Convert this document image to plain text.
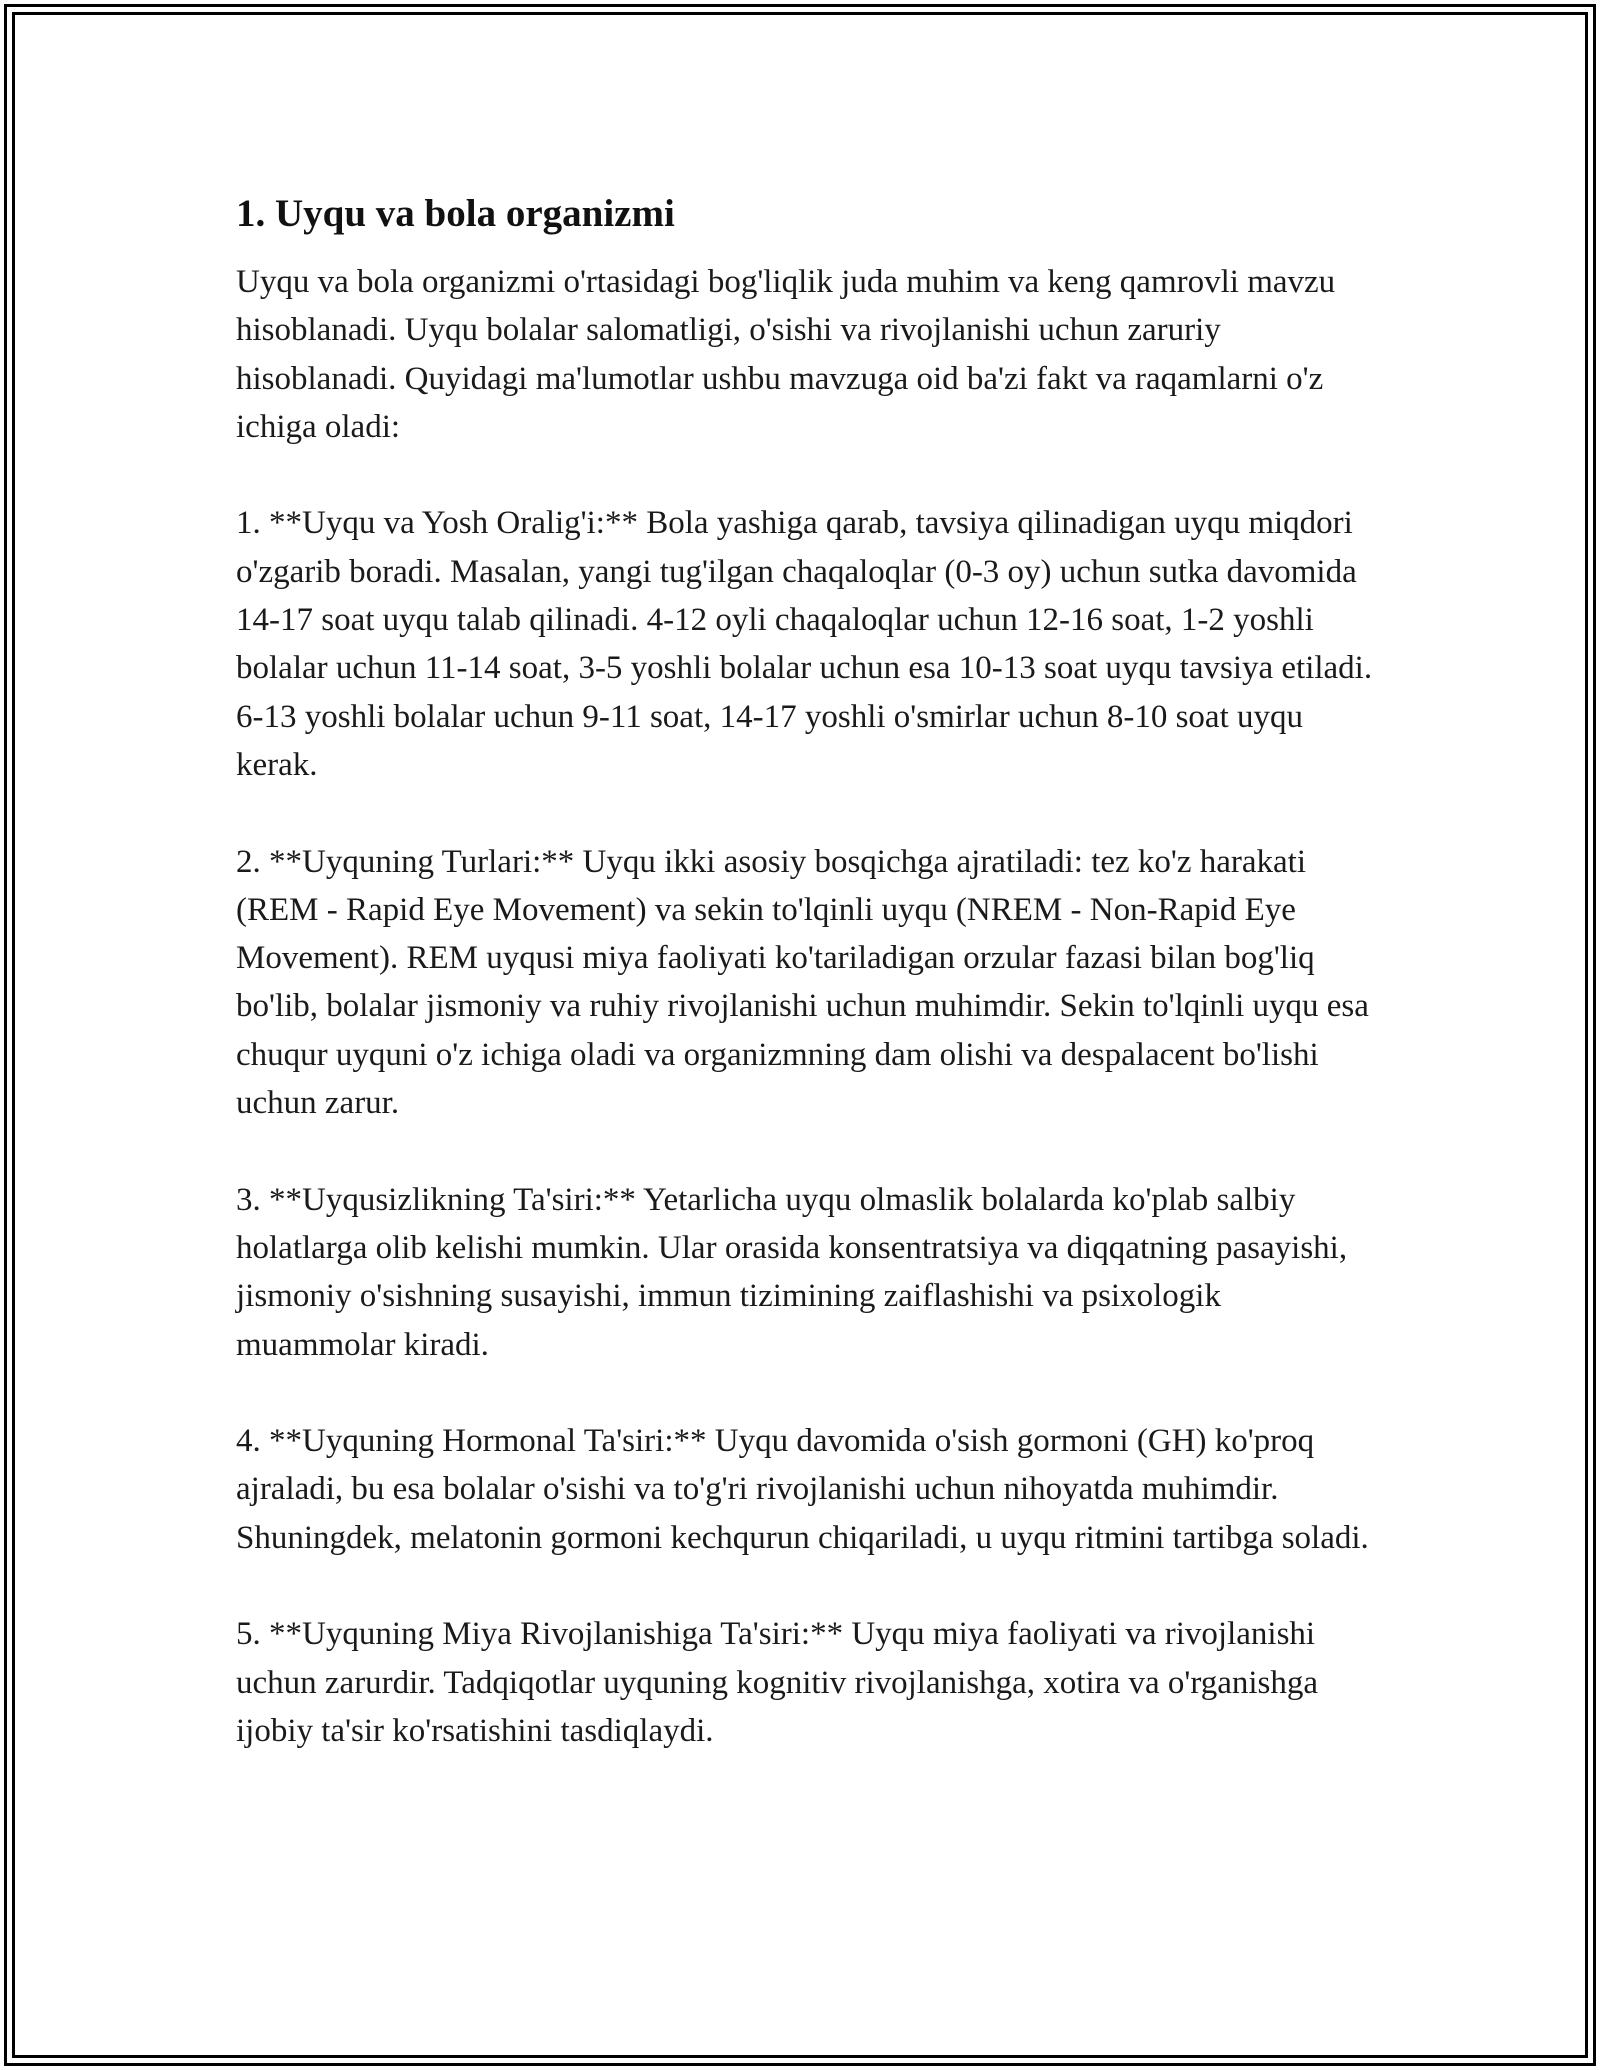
1. Uyqu va bola organizmi

Uyqu va bola organizmi o'rtasidagi bog'liqlik juda muhim va keng qamrovli mavzu hisoblanadi. Uyqu bolalar salomatligi, o'sishi va rivojlanishi uchun zaruriy hisoblanadi. Quyidagi ma'lumotlar ushbu mavzuga oid ba'zi fakt va raqamlarni o'z ichiga oladi:

1. **Uyqu va Yosh Oralig'i:** Bola yashiga qarab, tavsiya qilinadigan uyqu miqdori o'zgarib boradi. Masalan, yangi tug'ilgan chaqaloqlar (0-3 oy) uchun sutka davomida 14-17 soat uyqu talab qilinadi. 4-12 oyli chaqaloqlar uchun 12-16 soat, 1-2 yoshli bolalar uchun 11-14 soat, 3-5 yoshli bolalar uchun esa 10-13 soat uyqu tavsiya etiladi. 6-13 yoshli bolalar uchun 9-11 soat, 14-17 yoshli o'smirlar uchun 8-10 soat uyqu kerak.

2. **Uyquning Turlari:** Uyqu ikki asosiy bosqichga ajratiladi: tez ko'z harakati (REM - Rapid Eye Movement) va sekin to'lqinli uyqu (NREM - Non-Rapid Eye Movement). REM uyqusi miya faoliyati ko'tariladigan orzular fazasi bilan bog'liq bo'lib, bolalar jismoniy va ruhiy rivojlanishi uchun muhimdir. Sekin to'lqinli uyqu esa chuqur uyquni o'z ichiga oladi va organizmning dam olishi va despalacent bo'lishi uchun zarur.

3. **Uyqusizlikning Ta'siri:** Yetarlicha uyqu olmaslik bolalarda ko'plab salbiy holatlarga olib kelishi mumkin. Ular orasida konsentratsiya va diqqatning pasayishi, jismoniy o'sishning susayishi, immun tizimining zaiflashishi va psixologik muammolar kiradi.

4. **Uyquning Hormonal Ta'siri:** Uyqu davomida o'sish gormoni (GH) ko'proq ajraladi, bu esa bolalar o'sishi va to'g'ri rivojlanishi uchun nihoyatda muhimdir. Shuningdek, melatonin gormoni kechqurun chiqariladi, u uyqu ritmini tartibga soladi.

5. **Uyquning Miya Rivojlanishiga Ta'siri:** Uyqu miya faoliyati va rivojlanishi uchun zarurdir. Tadqiqotlar uyquning kognitiv rivojlanishga, xotira va o'rganishga ijobiy ta'sir ko'rsatishini tasdiqlaydi.
